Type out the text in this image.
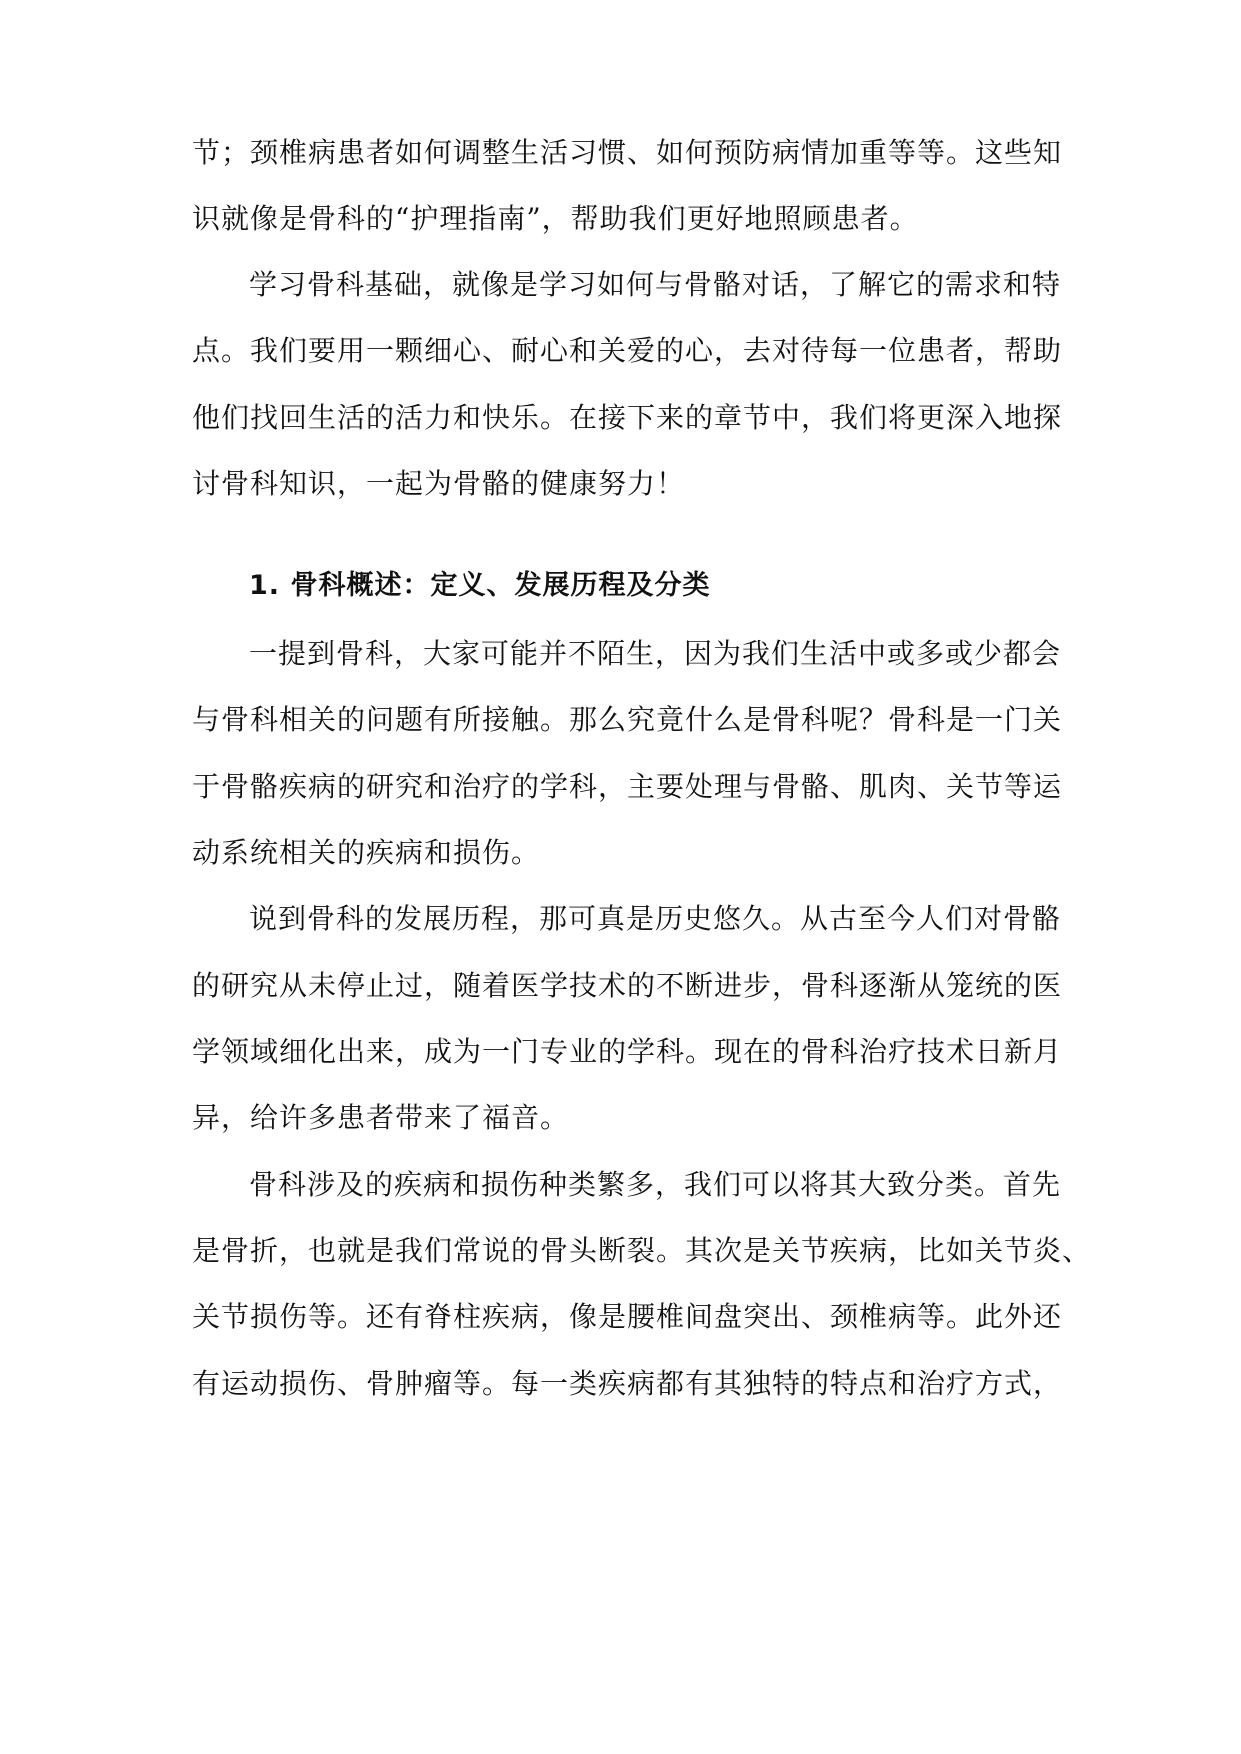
节；颈椎病患者如何调整生活习惯、如何预防病情加重等等。这些知
识就像是骨科的“护理指南”，帮助我们更好地照顾患者。
学习骨科基础，就像是学习如何与骨骼对话，了解它的需求和特
点。我们要用一颗细心、耐心和关爱的心，去对待每一位患者，帮助
他们找回生活的活力和快乐。在接下来的章节中，我们将更深入地探
讨骨科知识，一起为骨骼的健康努力！
1. 骨科概述：定义、发展历程及分类
一提到骨科，大家可能并不陌生，因为我们生活中或多或少都会
与骨科相关的问题有所接触。那么究竟什么是骨科呢？骨科是一门关
于骨骼疾病的研究和治疗的学科，主要处理与骨骼、肌肉、关节等运
动系统相关的疾病和损伤。
说到骨科的发展历程，那可真是历史悠久。从古至今人们对骨骼
的研究从未停止过，随着医学技术的不断进步，骨科逐渐从笼统的医
学领域细化出来，成为一门专业的学科。现在的骨科治疗技术日新月
异，给许多患者带来了福音。
骨科涉及的疾病和损伤种类繁多，我们可以将其大致分类。首先
是骨折，也就是我们常说的骨头断裂。其次是关节疾病，比如关节炎、
关节损伤等。还有脊柱疾病，像是腰椎间盘突出、颈椎病等。此外还
有运动损伤、骨肿瘤等。每一类疾病都有其独特的特点和治疗方式，
